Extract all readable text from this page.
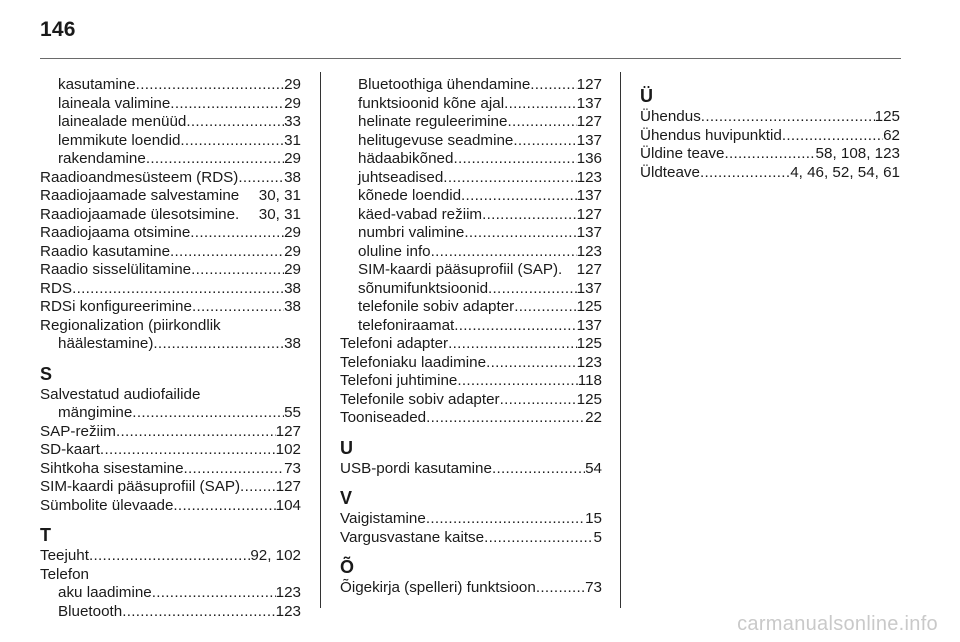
146
kasutamine .....	29
laineala valimine .....	29
lainealade menüüd .....	33
lemmikute loendid .....	31
rakendamine .....	29
Raadioandmesüsteem (RDS) .....	38
Raadiojaamade salvestamine 30, 31
Raadiojaamade ülesotsimine. 30, 31
Raadiojaama otsimine .....	29
Raadio kasutamine .....	29
Raadio sisselülitamine .....	29
RDS .....	38
RDSi konfigureerimine .....	38
Regionalization (piirkondlik
häälestamine) .....	38
S
Salvestatud audiofailide
mängimine .....	55
SAP-režiim .....	127
SD-kaart .....	102
Sihtkoha sisestamine .....	73
SIM-kaardi pääsuprofiil (SAP) ..... 127
Sümbolite ülevaade .....	104
T
Teejuht .....	92, 102
Telefon
aku laadimine .....	123
Bluetooth .....	123
Bluetoothiga ühendamine .....	127
funktsioonid kõne ajal .....	137
helinate reguleerimine .....	127
helitugevuse seadmine .....	137
hädaabikõned .....	136
juhtseadised .....	123
kõnede loendid .....	137
käed-vabad režiim .....	127
numbri valimine .....	137
oluline info .....	123
SIM-kaardi pääsuprofiil (SAP). 127
sõnumifunktsioonid .....	137
telefonile sobiv adapter .....	125
telefoniraamat .....	137
Telefoni adapter .....	125
Telefoniaku laadimine .....	123
Telefoni juhtimine .....	118
Telefonile sobiv adapter .....	125
Tooniseaded .....	22
U
USB-pordi kasutamine .....	54
V
Vaigistamine .....	15
Vargusvastane kaitse .....	5
Õ
Õigekirja (spelleri) funktsioon .....	73
Ü
Ühendus .....	125
Ühendus huvipunktid .....	62
Üldine teave .....	58, 108, 123
Üldteave .....	4, 46, 52, 54, 61
carmanualsonline.info
